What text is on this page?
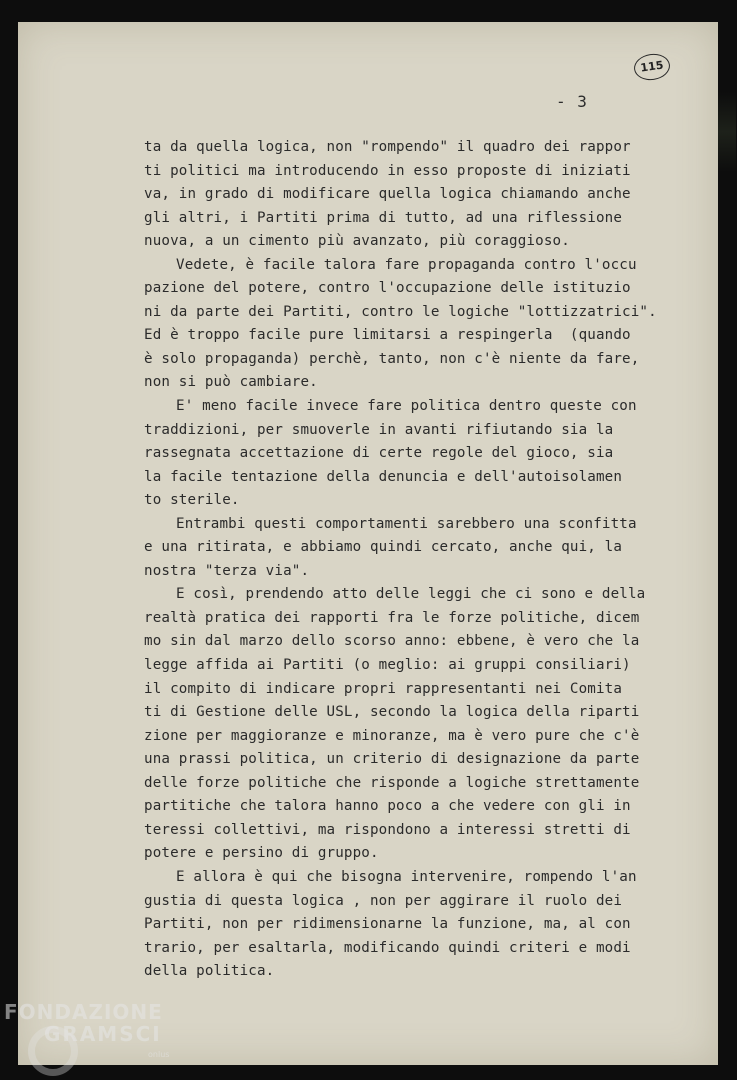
115
- 3
ta da quella logica, non "rompendo" il quadro dei rappor
ti politici ma introducendo in esso proposte di iniziati
va, in grado di modificare quella logica chiamando anche
gli altri, i Partiti prima di tutto, ad una riflessione
nuova, a un cimento più avanzato, più coraggioso.
Vedete, è facile talora fare propaganda contro l'occu
pazione del potere, contro l'occupazione delle istituzio
ni da parte dei Partiti, contro le logiche "lottizzatrici".
Ed è troppo facile pure limitarsi a respingerla  (quando
è solo propaganda) perchè, tanto, non c'è niente da fare,
non si può cambiare.
E' meno facile invece fare politica dentro queste con
traddizioni, per smuoverle in avanti rifiutando sia la
rassegnata accettazione di certe regole del gioco, sia
la facile tentazione della denuncia e dell'autoisolamen
to sterile.
Entrambi questi comportamenti sarebbero una sconfitta
e una ritirata, e abbiamo quindi cercato, anche qui, la
nostra "terza via".
E così, prendendo atto delle leggi che ci sono e della
realtà pratica dei rapporti fra le forze politiche, dicem
mo sin dal marzo dello scorso anno: ebbene, è vero che la
legge affida ai Partiti (o meglio: ai gruppi consiliari)
il compito di indicare propri rappresentanti nei Comita
ti di Gestione delle USL, secondo la logica della riparti
zione per maggioranze e minoranze, ma è vero pure che c'è
una prassi politica, un criterio di designazione da parte
delle forze politiche che risponde a logiche strettamente
partitiche che talora hanno poco a che vedere con gli in
teressi collettivi, ma rispondono a interessi stretti di
potere e persino di gruppo.
E allora è qui che bisogna intervenire, rompendo l'an
gustia di questa logica , non per aggirare il ruolo dei
Partiti, non per ridimensionarne la funzione, ma, al con
trario, per esaltarla, modificando quindi criteri e modi
della politica.
FONDAZIONE
GRAMSCI
onlus
